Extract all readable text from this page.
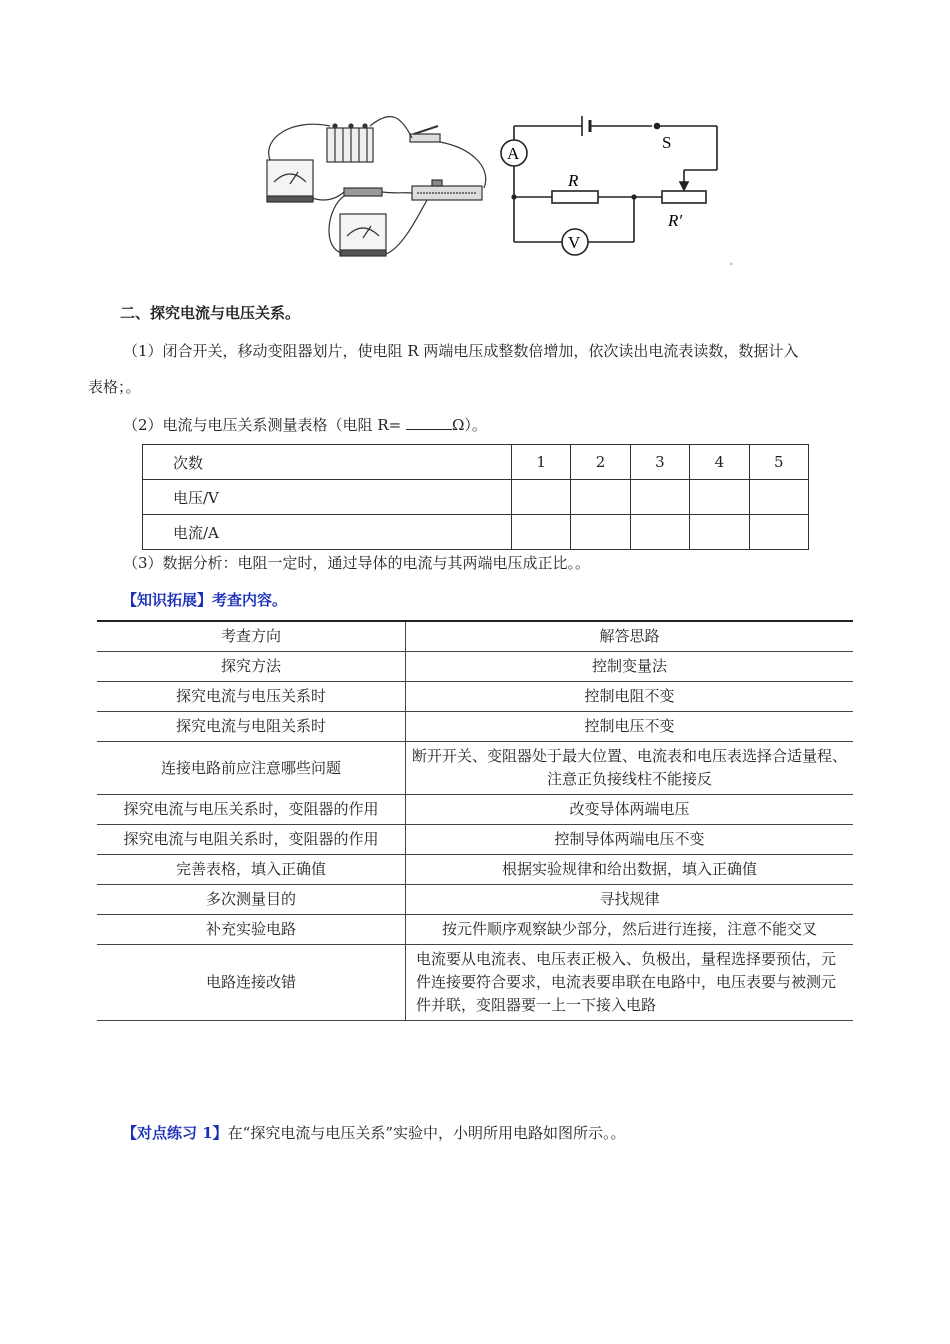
A
V
S
R
R′
。
二、探究电流与电压关系。
（1）闭合开关，移动变阻器划片，使电阻 R 两端电压成整数倍增加，依次读出电流表读数，数据计入
表格；。
（2）电流与电压关系测量表格（电阻 R=	Ω）。
次数	1	2	3	4	5
电压/V					
电流/A					
（3）数据分析：电阻一定时，通过导体的电流与其两端电压成正比。。
【知识拓展】考查内容。
考查方向	解答思路
探究方法	控制变量法
探究电流与电压关系时	控制电阻不变
探究电流与电阻关系时	控制电压不变
连接电路前应注意哪些问题	断开开关、变阻器处于最大位置、电流表和电压表选择合适量程、注意正负接线柱不能接反
探究电流与电压关系时，变阻器的作用	改变导体两端电压
探究电流与电阻关系时，变阻器的作用	控制导体两端电压不变
完善表格，填入正确值	根据实验规律和给出数据，填入正确值
多次测量目的	寻找规律
补充实验电路	按元件顺序观察缺少部分，然后进行连接，注意不能交叉
电路连接改错	电流要从电流表、电压表正极入、负极出，量程选择要预估，元件连接要符合要求，电流表要串联在电路中，电压表要与被测元件并联，变阻器要一上一下接入电路
【对点练习 1】在“探究电流与电压关系”实验中，小明所用电路如图所示。。
